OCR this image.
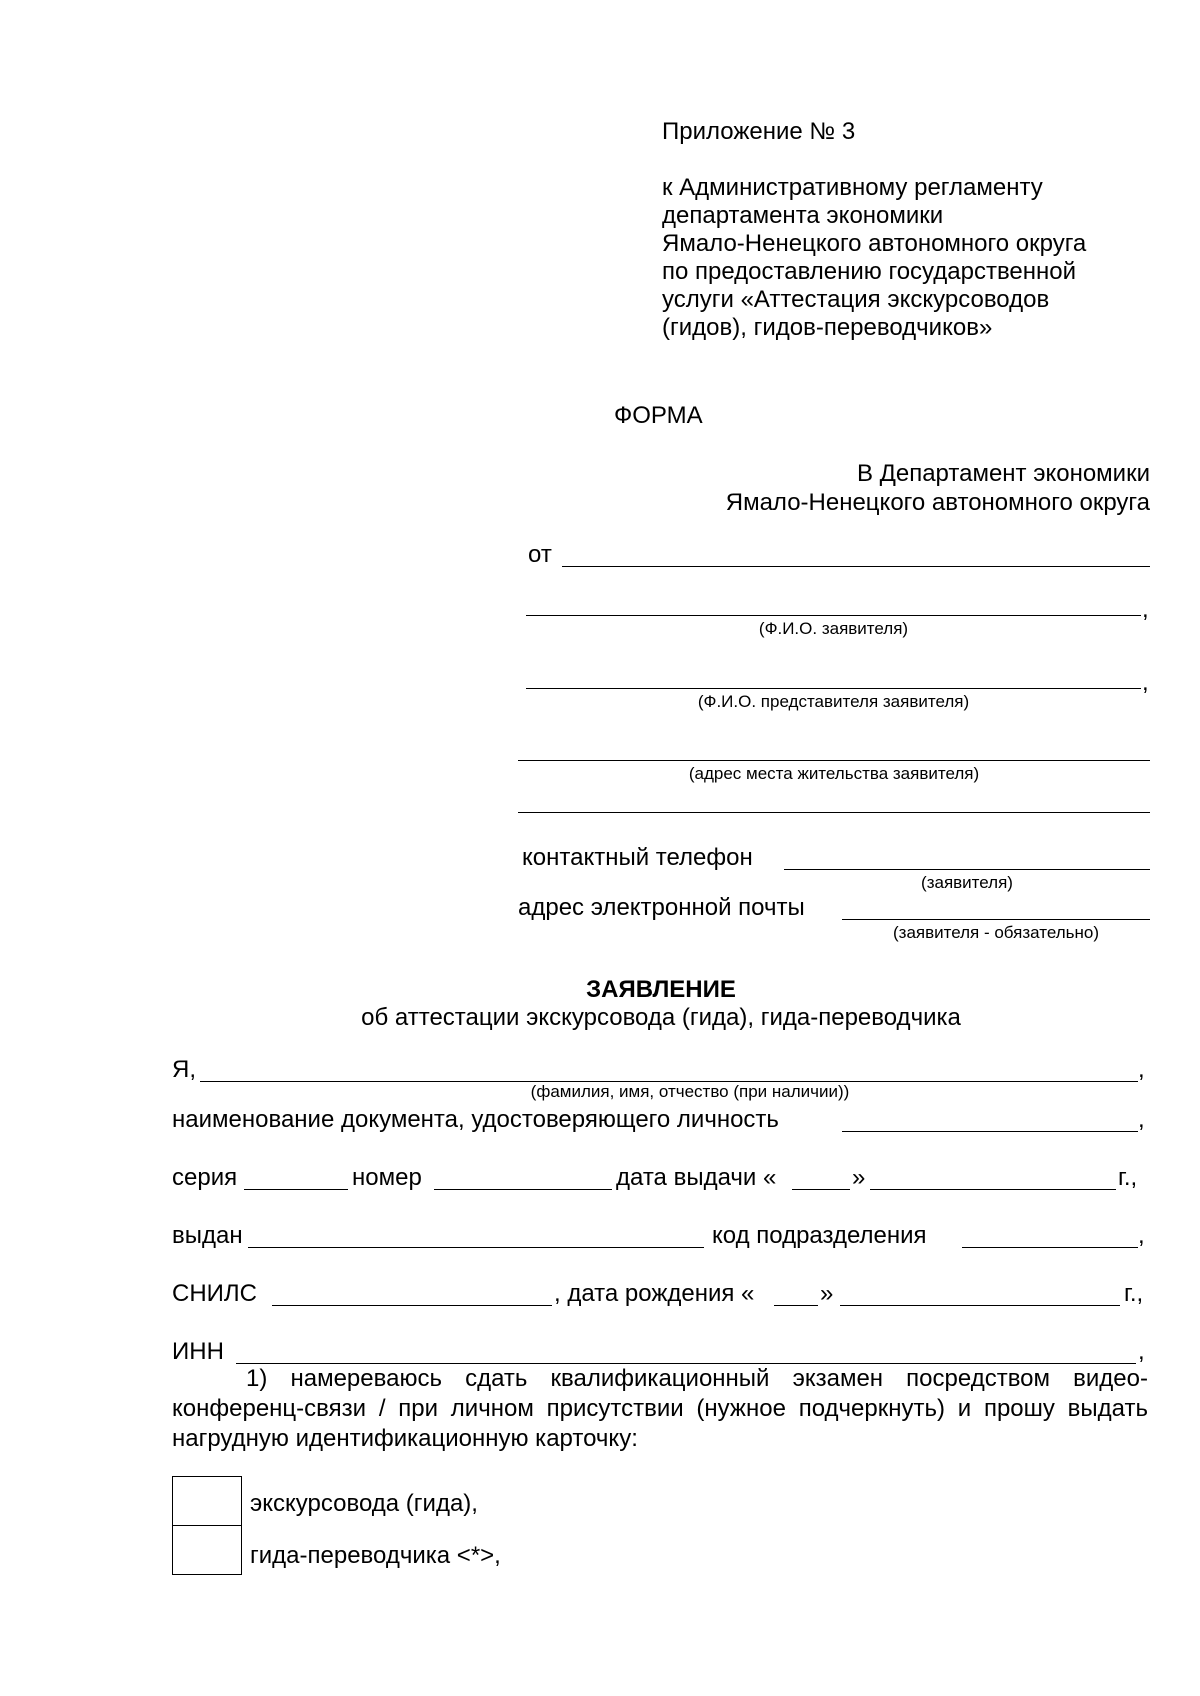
Приложение № 3
к Административному регламенту
департамента экономики
Ямало-Ненецкого автономного округа
по предоставлению государственной
услуги «Аттестация экскурсоводов
(гидов), гидов-переводчиков»
ФОРМА
В Департамент экономики
Ямало-Ненецкого автономного округа
от
,
(Ф.И.О. заявителя)
,
(Ф.И.О. представителя заявителя)
(адрес места жительства заявителя)
контактный телефон
(заявителя)
адрес электронной почты
(заявителя - обязательно)
ЗАЯВЛЕНИЕ
об аттестации экскурсовода (гида), гида-переводчика
Я,	,
(фамилия, имя, отчество (при наличии))
наименование документа, удостоверяющего личность	,
серия	номер	дата выдачи «	»	г.,
выдан	код подразделения	,
СНИЛС	, дата рождения «	»	г.,
ИНН	,
1) намереваюсь сдать квалификационный экзамен посредством видео-конференц-связи / при личном присутствии (нужное подчеркнуть) и прошу выдать нагрудную идентификационную карточку:
экскурсовода (гида),
гида-переводчика <*>,
